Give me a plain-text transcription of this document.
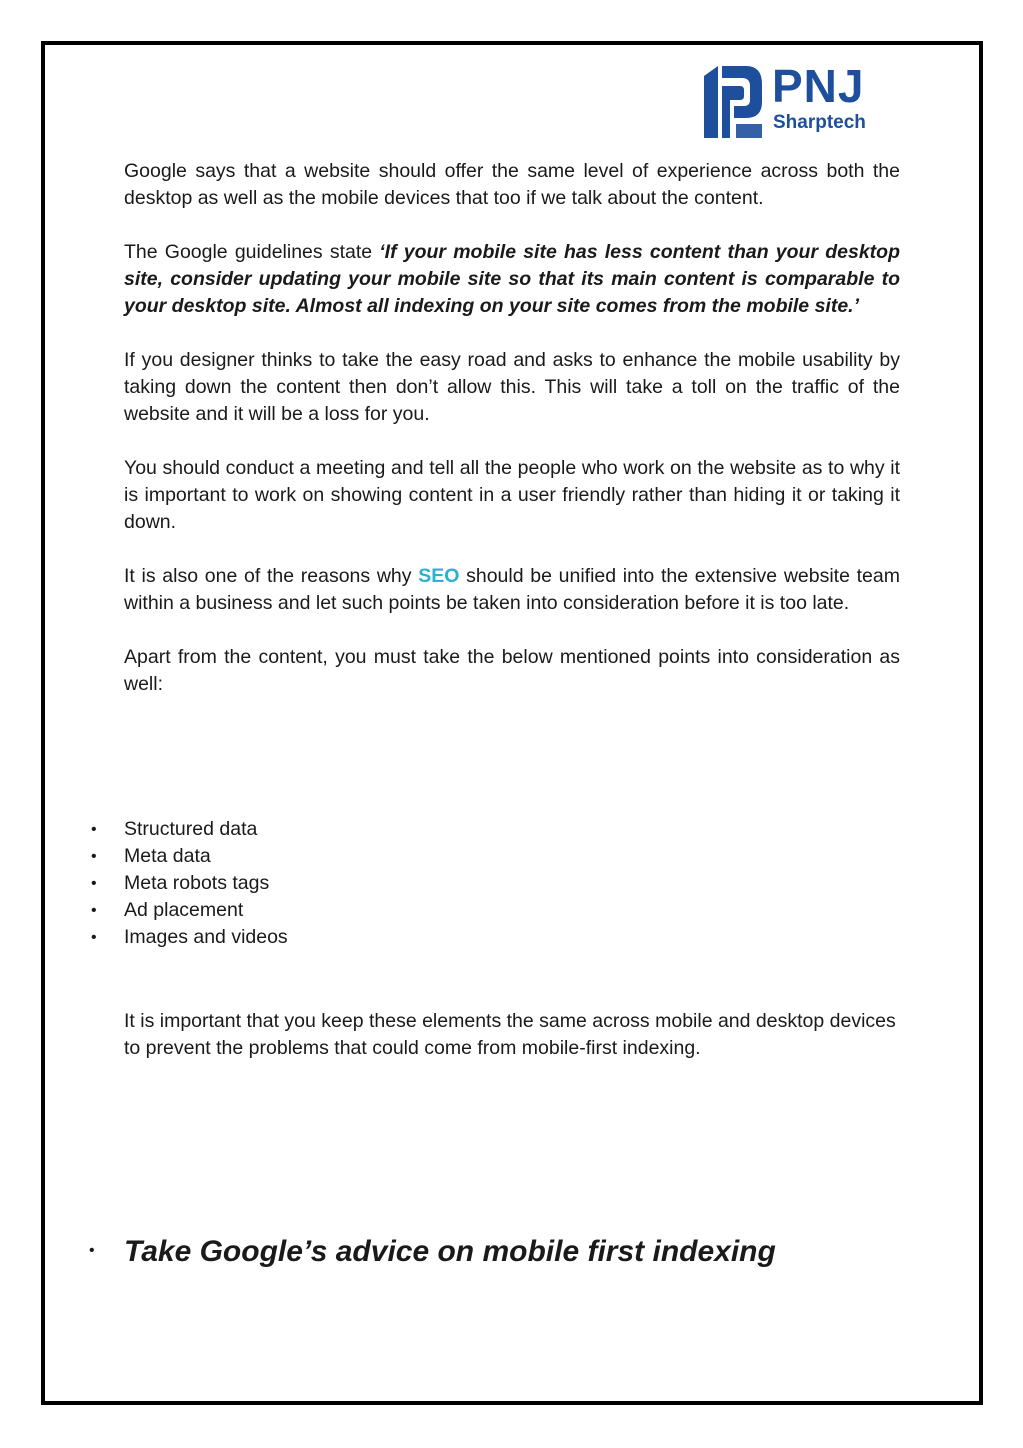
PNJ
Sharptech

Google says that a website should offer the same level of experience across both the desktop as well as the mobile devices that too if we talk about the content.

The Google guidelines state ‘If your mobile site has less content than your desktop site, consider updating your mobile site so that its main content is comparable to your desktop site. Almost all indexing on your site comes from the mobile site.’

If you designer thinks to take the easy road and asks to enhance the mobile usability by taking down the content then don’t allow this. This will take a toll on the traffic of the website and it will be a loss for you.

You should conduct a meeting and tell all the people who work on the website as to why it is important to work on showing content in a user friendly rather than hiding it or taking it down.

It is also one of the reasons why SEO should be unified into the extensive website team within a business and let such points be taken into consideration before it is too late.

Apart from the content, you must take the below mentioned points into consideration as well:

• Structured data
• Meta data
• Meta robots tags
• Ad placement
• Images and videos

It is important that you keep these elements the same across mobile and desktop devices to prevent the problems that could come from mobile-first indexing.

• Take Google’s advice on mobile first indexing
